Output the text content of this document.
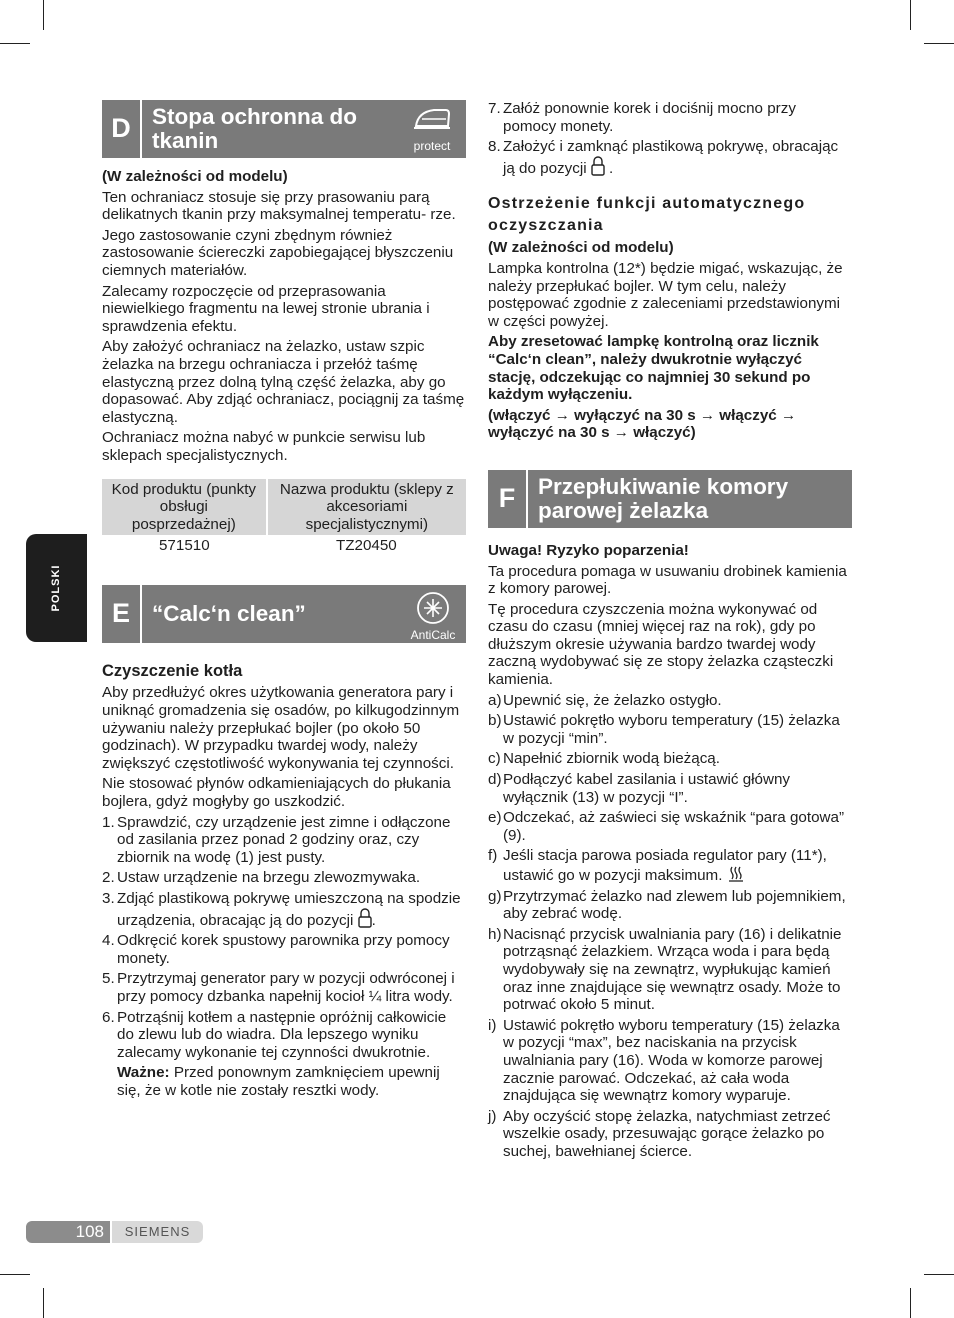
POLSKI
D Stopa ochronna do tkanin	protect

(W zależności od modelu)

Ten ochraniacz stosuje się przy prasowaniu parą delikatnych tkanin przy maksymalnej temperatu- rze.

Jego zastosowanie czyni zbędnym również zastosowanie ściereczki zapobiegającej błyszczeniu ciemnych materiałów.

Zalecamy rozpoczęcie od przeprasowania niewielkiego fragmentu na lewej stronie ubrania i sprawdzenia efektu.

Aby założyć ochraniacz na żelazko, ustaw szpic żelazka na brzegu ochraniacza i przełóż taśmę elastyczną przez dolną tylną część żelazka, aby go dopasować. Aby zdjąć ochraniacz, pociągnij za taśmę elastyczną.

Ochraniacz można nabyć w punkcie serwisu lub sklepach specjalistycznych.

Kod produktu (punkty obsługi posprzedażnej)	Nazwa produktu (sklepy z akcesoriami specjalistycznymi)
571510	TZ20450
E “Calc‘n clean”
AntiCalc
Czyszczenie kotła

Aby przedłużyć okres użytkowania generatora pary i uniknąć gromadzenia się osadów, po kilkugodzinnym używaniu należy przepłukać bojler (po około 50 godzinach). W przypadku twardej wody, należy zwiększyć częstotliwość wykonywania tej czynności.

Nie stosować płynów odkamieniających do płukania bojlera, gdyż mogłyby go uszkodzić.

1. Sprawdzić, czy urządzenie jest zimne i odłączone od zasilania przez ponad 2 godziny oraz, czy zbiornik na wodę (1) jest pusty.
2. Ustaw urządzenie na brzegu zlewozmywaka.
3. Zdjąć plastikową pokrywę umieszczoną na spodzie urządzenia, obracając ją do pozycji .
4. Odkręcić korek spustowy parownika przy pomocy monety.
5. Przytrzymaj generator pary w pozycji odwróconej i przy pomocy dzbanka napełnij kocioł ¼ litra wody.
6. Potrząśnij kotłem a następnie opróżnij całkowicie do zlewu lub do wiadra. Dla lepszego wyniku zalecamy wykonanie tej czynności dwukrotnie.
Ważne: Przed ponownym zamknięciem upewnij się, że w kotle nie zostały resztki wody.
7. Załóż ponownie korek i dociśnij mocno przy pomocy monety.
8. Założyć i zamknąć plastikową pokrywę, obracając ją do pozycji  .
Ostrzeżenie funkcji automatycznego oczyszczania

(W zależności od modelu)

Lampka kontrolna (12*) będzie migać, wskazując, że należy przepłukać bojler. W tym celu, należy postępować zgodnie z zaleceniami przedstawionymi w części powyżej.

Aby zresetować lampkę kontrolną oraz licznik “Calc‘n clean”, należy dwukrotnie wyłączyć stację, odczekując co najmniej 30 sekund po każdym wyłączeniu.

(włączyć → wyłączyć na 30 s → włączyć → wyłączyć na 30 s → włączyć)

F	Przepłukiwanie komory parowej żelazka

Uwaga! Ryzyko poparzenia!

Ta procedura pomaga w usuwaniu drobinek kamienia z komory parowej.

Tę procedura czyszczenia można wykonywać od czasu do czasu (mniej więcej raz na rok), gdy po dłuższym okresie używania bardzo twardej wody zaczną wydobywać się ze stopy żelazka cząsteczki kamienia.

a) Upewnić się, że żelazko ostygło.
b) Ustawić pokrętło wyboru temperatury (15) żelazka w pozycji “min”.
c) Napełnić zbiornik wodą bieżącą.
d) Podłączyć kabel zasilania i ustawić główny wyłącznik (13) w pozycji “I”.
e) Odczekać, aż zaświeci się wskaźnik “para gotowa” (9).
f) Jeśli stacja parowa posiada regulator pary (11*), ustawić go w pozycji maksimum.
g) Przytrzymać żelazko nad zlewem lub pojemnikiem, aby zebrać wodę.
h) Nacisnąć przycisk uwalniania pary (16) i delikatnie potrząsnąć żelazkiem. Wrząca woda i para będą wydobywały się na zewnątrz, wypłukując kamień oraz inne znajdujące się wewnątrz osady. Może to potrwać około 5 minut.
i) Ustawić pokrętło wyboru temperatury (15) żelazka w pozycji “max”, bez naciskania na przycisk uwalniania pary (16). Woda w komorze parowej zacznie parować. Odczekać, aż cała woda znajdująca się wewnątrz komory wyparuje.
j) Aby oczyścić stopę żelazka, natychmiast zetrzeć wszelkie osady, przesuwając gorące żelazko po suchej, bawełnianej ścierce.
108	SIEMENS
